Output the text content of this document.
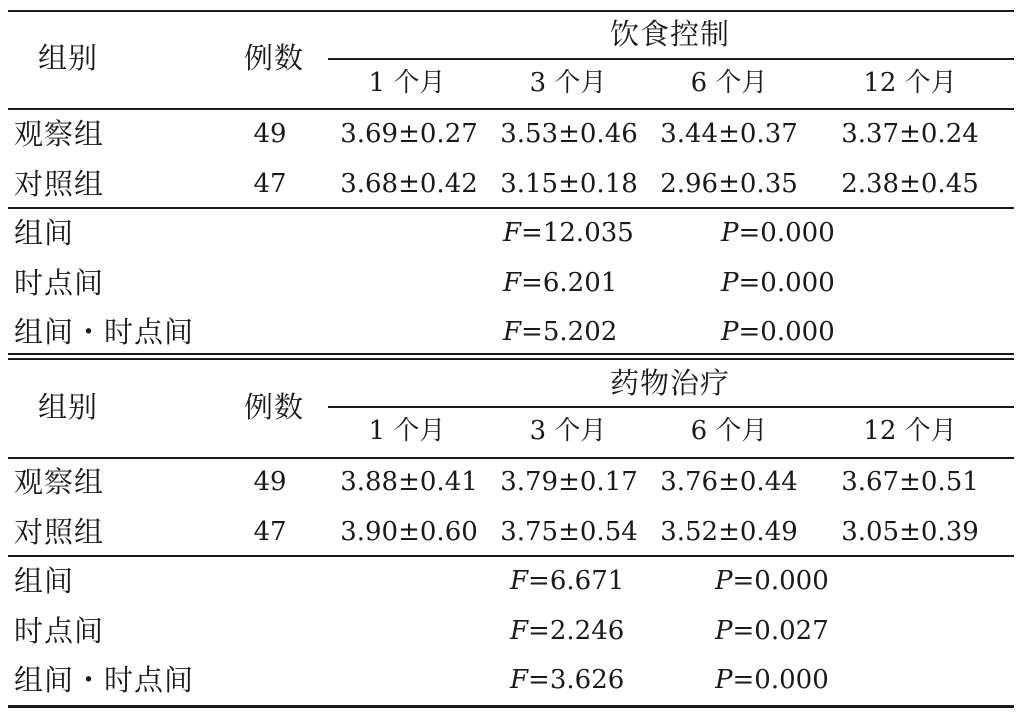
组别	例数
饮食控制
1 个月	3 个月	6 个月	12 个月
观察组	49 3.69±0.27 3.53±0.46 3.44±0.37 3.37±0.24
对照组	47 3.68±0.42 3.15±0.18 2.96±0.35 2.38±0.45
组间	F=12.035	P=0.000
时点间	F=6.201	P=0.000
组间・时点间	F=5.202	P=0.000
组别	例数
药物治疗
1 个月	3 个月	6 个月	12 个月
观察组	49 3.88±0.41 3.79±0.17 3.76±0.44 3.67±0.51
对照组	47 3.90±0.60 3.75±0.54 3.52±0.49 3.05±0.39
组间	F=6.671	P=0.000
时点间	F=2.246	P=0.027
组间・时点间	F=3.626	P=0.000
